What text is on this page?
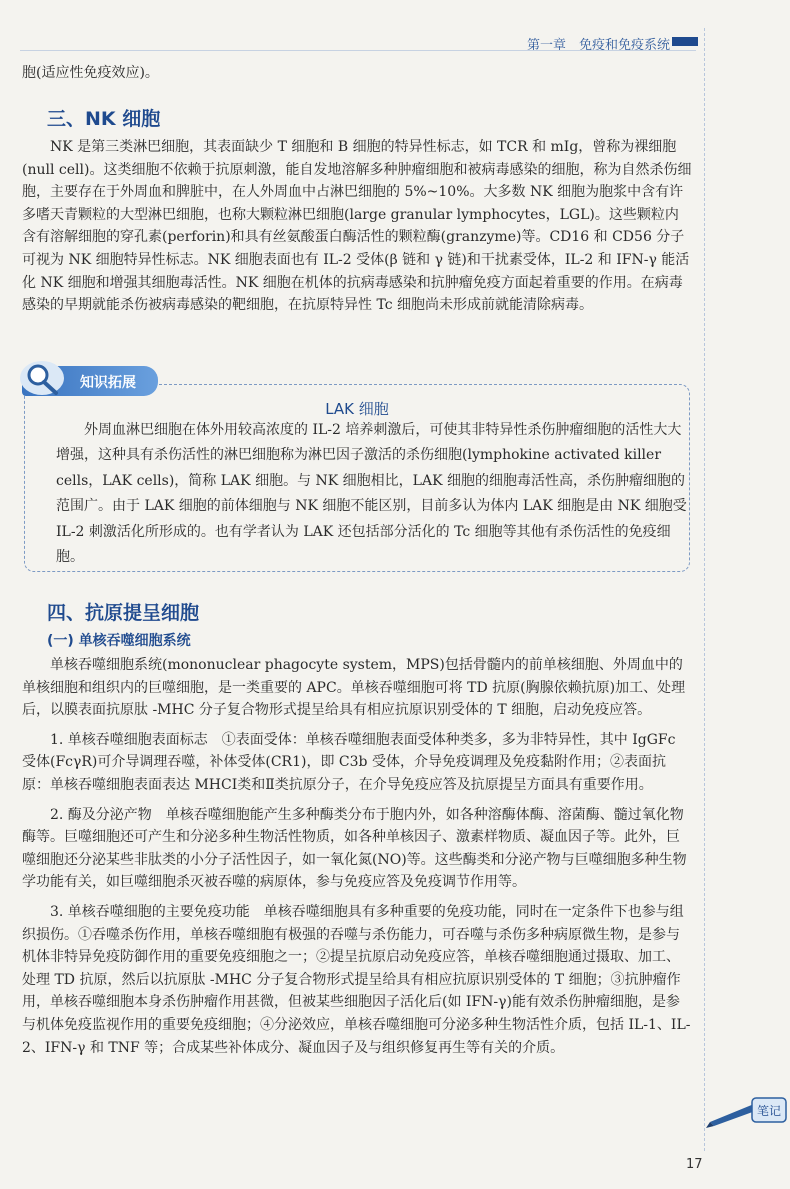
第一章　免疫和免疫系统
胞(适应性免疫效应)。
三、NK 细胞

NK 是第三类淋巴细胞，其表面缺少 T 细胞和 B 细胞的特异性标志，如 TCR 和 mIg，曾称为裸细胞(null cell)。这类细胞不依赖于抗原刺激，能自发地溶解多种肿瘤细胞和被病毒感染的细胞，称为自然杀伤细胞，主要存在于外周血和脾脏中，在人外周血中占淋巴细胞的 5%~10%。大多数 NK 细胞为胞浆中含有许多嗜天青颗粒的大型淋巴细胞，也称大颗粒淋巴细胞(large granular lymphocytes，LGL)。这些颗粒内含有溶解细胞的穿孔素(perforin)和具有丝氨酸蛋白酶活性的颗粒酶(granzyme)等。CD16 和 CD56 分子可视为 NK 细胞特异性标志。NK 细胞表面也有 IL-2 受体(β 链和 γ 链)和干扰素受体，IL-2 和 IFN-γ 能活化 NK 细胞和增强其细胞毒活性。NK 细胞在机体的抗病毒感染和抗肿瘤免疫方面起着重要的作用。在病毒感染的早期就能杀伤被病毒感染的靶细胞，在抗原特异性 Tc 细胞尚未形成前就能清除病毒。

知识拓展
LAK 细胞

外周血淋巴细胞在体外用较高浓度的 IL-2 培养刺激后，可使其非特异性杀伤肿瘤细胞的活性大大增强，这种具有杀伤活性的淋巴细胞称为淋巴因子激活的杀伤细胞(lymphokine activated killer cells，LAK cells)，简称 LAK 细胞。与 NK 细胞相比，LAK 细胞的细胞毒活性高，杀伤肿瘤细胞的范围广。由于 LAK 细胞的前体细胞与 NK 细胞不能区别，目前多认为体内 LAK 细胞是由 NK 细胞受 IL-2 刺激活化所形成的。也有学者认为 LAK 还包括部分活化的 Tc 细胞等其他有杀伤活性的免疫细胞。

四、抗原提呈细胞
(一) 单核吞噬细胞系统

单核吞噬细胞系统(mononuclear phagocyte system，MPS)包括骨髓内的前单核细胞、外周血中的单核细胞和组织内的巨噬细胞，是一类重要的 APC。单核吞噬细胞可将 TD 抗原(胸腺依赖抗原)加工、处理后，以膜表面抗原肽 -MHC 分子复合物形式提呈给具有相应抗原识别受体的 T 细胞，启动免疫应答。

1. 单核吞噬细胞表面标志　①表面受体：单核吞噬细胞表面受体种类多，多为非特异性，其中 IgGFc 受体(FcγR)可介导调理吞噬，补体受体(CR1)，即 C3b 受体，介导免疫调理及免疫黏附作用；②表面抗原：单核吞噬细胞表面表达 MHCⅠ类和Ⅱ类抗原分子，在介导免疫应答及抗原提呈方面具有重要作用。

2. 酶及分泌产物　单核吞噬细胞能产生多种酶类分布于胞内外，如各种溶酶体酶、溶菌酶、髓过氧化物酶等。巨噬细胞还可产生和分泌多种生物活性物质，如各种单核因子、激素样物质、凝血因子等。此外，巨噬细胞还分泌某些非肽类的小分子活性因子，如一氧化氮(NO)等。这些酶类和分泌产物与巨噬细胞多种生物学功能有关，如巨噬细胞杀灭被吞噬的病原体，参与免疫应答及免疫调节作用等。

3. 单核吞噬细胞的主要免疫功能　单核吞噬细胞具有多种重要的免疫功能，同时在一定条件下也参与组织损伤。①吞噬杀伤作用，单核吞噬细胞有极强的吞噬与杀伤能力，可吞噬与杀伤多种病原微生物，是参与机体非特异免疫防御作用的重要免疫细胞之一；②提呈抗原启动免疫应答，单核吞噬细胞通过摄取、加工、处理 TD 抗原，然后以抗原肽 -MHC 分子复合物形式提呈给具有相应抗原识别受体的 T 细胞；③抗肿瘤作用，单核吞噬细胞本身杀伤肿瘤作用甚微，但被某些细胞因子活化后(如 IFN-γ)能有效杀伤肿瘤细胞，是参与机体免疫监视作用的重要免疫细胞；④分泌效应，单核吞噬细胞可分泌多种生物活性介质，包括 IL-1、IL-2、IFN-γ 和 TNF 等；合成某些补体成分、凝血因子及与组织修复再生等有关的介质。

笔记
17
